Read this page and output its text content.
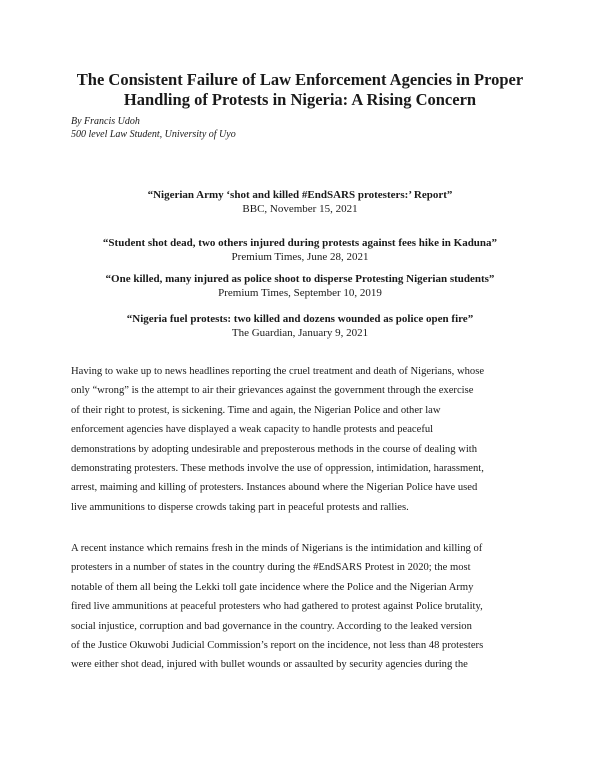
The Consistent Failure of Law Enforcement Agencies in Proper
Handling of Protests in Nigeria: A Rising Concern
By Francis Udoh
500 level Law Student, University of Uyo
“Nigerian Army ‘shot and killed #EndSARS protesters:’ Report”
BBC, November 15, 2021
“Student shot dead, two others injured during protests against fees hike in Kaduna”
Premium Times, June 28, 2021
“One killed, many injured as police shoot to disperse Protesting Nigerian students”
Premium Times, September 10, 2019
“Nigeria fuel protests: two killed and dozens wounded as police open fire”
The Guardian, January 9, 2021
Having to wake up to news headlines reporting the cruel treatment and death of Nigerians, whose
only “wrong” is the attempt to air their grievances against the government through the exercise
of their right to protest, is sickening. Time and again, the Nigerian Police and other law
enforcement agencies have displayed a weak capacity to handle protests and peaceful
demonstrations by adopting undesirable and preposterous methods in the course of dealing with
demonstrating protesters. These methods involve the use of oppression, intimidation, harassment,
arrest, maiming and killing of protesters. Instances abound where the Nigerian Police have used
live ammunitions to disperse crowds taking part in peaceful protests and rallies.
A recent instance which remains fresh in the minds of Nigerians is the intimidation and killing of
protesters in a number of states in the country during the #EndSARS Protest in 2020; the most
notable of them all being the Lekki toll gate incidence where the Police and the Nigerian Army
fired live ammunitions at peaceful protesters who had gathered to protest against Police brutality,
social injustice, corruption and bad governance in the country. According to the leaked version
of the Justice Okuwobi Judicial Commission’s report on the incidence, not less than 48 protesters
were either shot dead, injured with bullet wounds or assaulted by security agencies during the
